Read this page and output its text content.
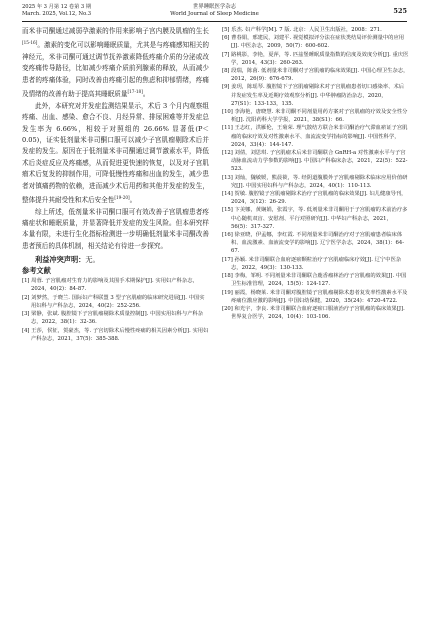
2025 年 3 月第 12 卷第 3 期
March. 2025, Vol.12, No.3
世界睡眠医学杂志
World Journal of Sleep Medicine	525

而米非司酮通过减弱孕激素的作用来影响子宫内膜及肌瘤的生长[15-16]。激素的变化可以影响睡眠质量，尤其是与疼痛感知相关的神经元，米非司酮可通过调节抚养激素降低疼痛介质的分泌或改变疼痛传导路径，比如减少疼痛介质前列腺素的释放，从而减少患者的疼痛体验，同时改善由疼痛引起的焦虑和抑郁情绪，疼痛及情绪的改善有助于提高其睡眠质量[17-18]。

此外，本研究对并发症监测结果显示，术后 3 个月内观察组疼痛、出血、感染、愈合不良、月经异常、排尿困难等并发症总发生率为 6.66%，相较于对照组的 26.66% 显著低(P＜0.05)，证实低剂量米非司酮口服可以减少子宫肌瘤剔除术后并发症的发生。原因在于低剂量米非司酮通过调节激素水平，降低术后炎症反应及疼痛感，从而促进更快速的恢复，以及对子宫肌瘤术后复发的抑制作用，可降低慢性疼痛和出血的发生，减少患者对镇痛药物的依赖，进而减少术后用药和其他并发症的发生，整体提升其耐受性和术后安全性[19-20]。

综上所述，低剂量米非司酮口服可有效改善子宫肌瘤患者疼痛症状和睡眠质量，并显著降低并发症的发生风险。但本研究样本量有限，未进行生化指标检测进一步明确低剂量米非司酮改善患者预后的具体机制，相关结论有待进一步探究。

利益冲突声明：无。
参考文献

[1] 周蓉. 子宫肌瘤对生育力的影响及其围手术期保护[J]. 实用妇产科杂志，2024，40(2)：84-87.

[2] 刘梦然，于晓兰. 国际妇产科联盟 3 型子宫肌瘤的临床研究进展[J]. 中国实用妇科与产科杂志，2024，40(2)：252-256.

[3] 梁静，张斌. 腹腔镜下子宫肌瘤剔除术质量控制[J]. 中国实用妇科与产科杂志，2022，38(1)：32-36.

[4] 王莎，侯征，贺豪杰，等. 子宫切除术后慢性疼痛的相关因素分析[J]. 实用妇产科杂志，2021，37(5)：385-388.

[5] 乐杰. 妇产科学[M]. 7 版. 北京：人民卫生出版社，2008：271.

[6] 曹春娟，邢建民，刘建平. 视觉模拟评分法在症状类结局评价测量中的应用[J]. 中医杂志，2009，50(7)：600-602.

[7] 路桃影，李艳，夏萍，等. 匹兹堡睡眠质量指数的信度及效度分析[J]. 重庆医学，2014，43(3)：260-263.

[8] 段瑞，陈茵. 低剂量米非司酮对子宫肌瘤的临床效果[J]. 中国心理卫生杂志，2012，26(9)：676-679.

[9] 姜玥，陈瑶琴. 腹腔镜下子宫肌瘤剔除术对子宫肌瘤患者切口感染率、术后并发症发生率及近期疗效观察分析[J]. 中华肿瘤防治杂志，2020，27(S1)：133-133，135.

[10] 李海艳，唐晓慧. 米非司酮不同剂量用药方案对子宫肌瘤的疗效及安全性分析[J]. 沈阳药科大学学报，2021，38(S1)：66.

[11] 王志红，洪雁伦，王菊荣. 理气散结方联合米非司酮治疗气滞血瘀证子宫肌瘤的临床疗效及对性激素水平、血流流变学指标的影响[J]. 中国性科学，2024，33(4)：144-147.

[12] 刘倩，刘思琪. 子宫肌瘤术后米非司酮联合 GnRH-a 对性激素水平与子宫动脉血流动力学参数的影响[J]. 中国妇产科临床杂志，2021，22(5)：522-523.

[13] 刘灿，魏敏媛，熊晨筱，等. 经阴道腹膜外子宫肌瘤剔除术临床应用价值研究[J]. 中国实用妇科与产科杂志，2024，40(1)：110-113.

[14] 贺敏. 腹腔镜子宫肌瘤剔除术治疗子宫肌瘤的临床效果[J]. 妇儿健康导刊，2024，3(12)：26-29.

[15] 卞美娜，黄娴娟，张霞宇，等. 低剂量米非司酮用于子宫肌瘤的术前治疗多中心随机双盲、安慰剂、平行对照研究[J]. 中华妇产科杂志，2021，56(5)：317-327.

[16] 徐亚晓，伊孟娜，李红霞. 不同剂量米非司酮治疗对子宫肌瘤患者临床体积、血流激素、血液流变学的影响[J]. 辽宁医学杂志，2024，38(1)：64-67.

[17] 孙颖. 米非司酮联合血府逐瘀颗粒治疗子宫肌瘤临床疗效[J]. 辽宁中医杂志，2022，49(3)：130-133.

[18] 李梅，邹明. 不同剂量米非司酮联合鹿香瘤林治疗子宫肌瘤的效果[J]. 中国卫生标准管理，2024，15(5)：124-127.

[19] 丽霞，杨晓莱. 米非司酮对腹腔镜子宫肌瘤剔除术患者复发率性激素水平及疼痛位激应激的影响[J]. 中国妇幼保健，2020，35(24)：4720-4722.

[20] 和光宇，李良. 米非司酮联合血府逐瘀口服液治疗子宫肌瘤的临床效果[J]. 世界复合医学，2024，10(4)：103-106.
